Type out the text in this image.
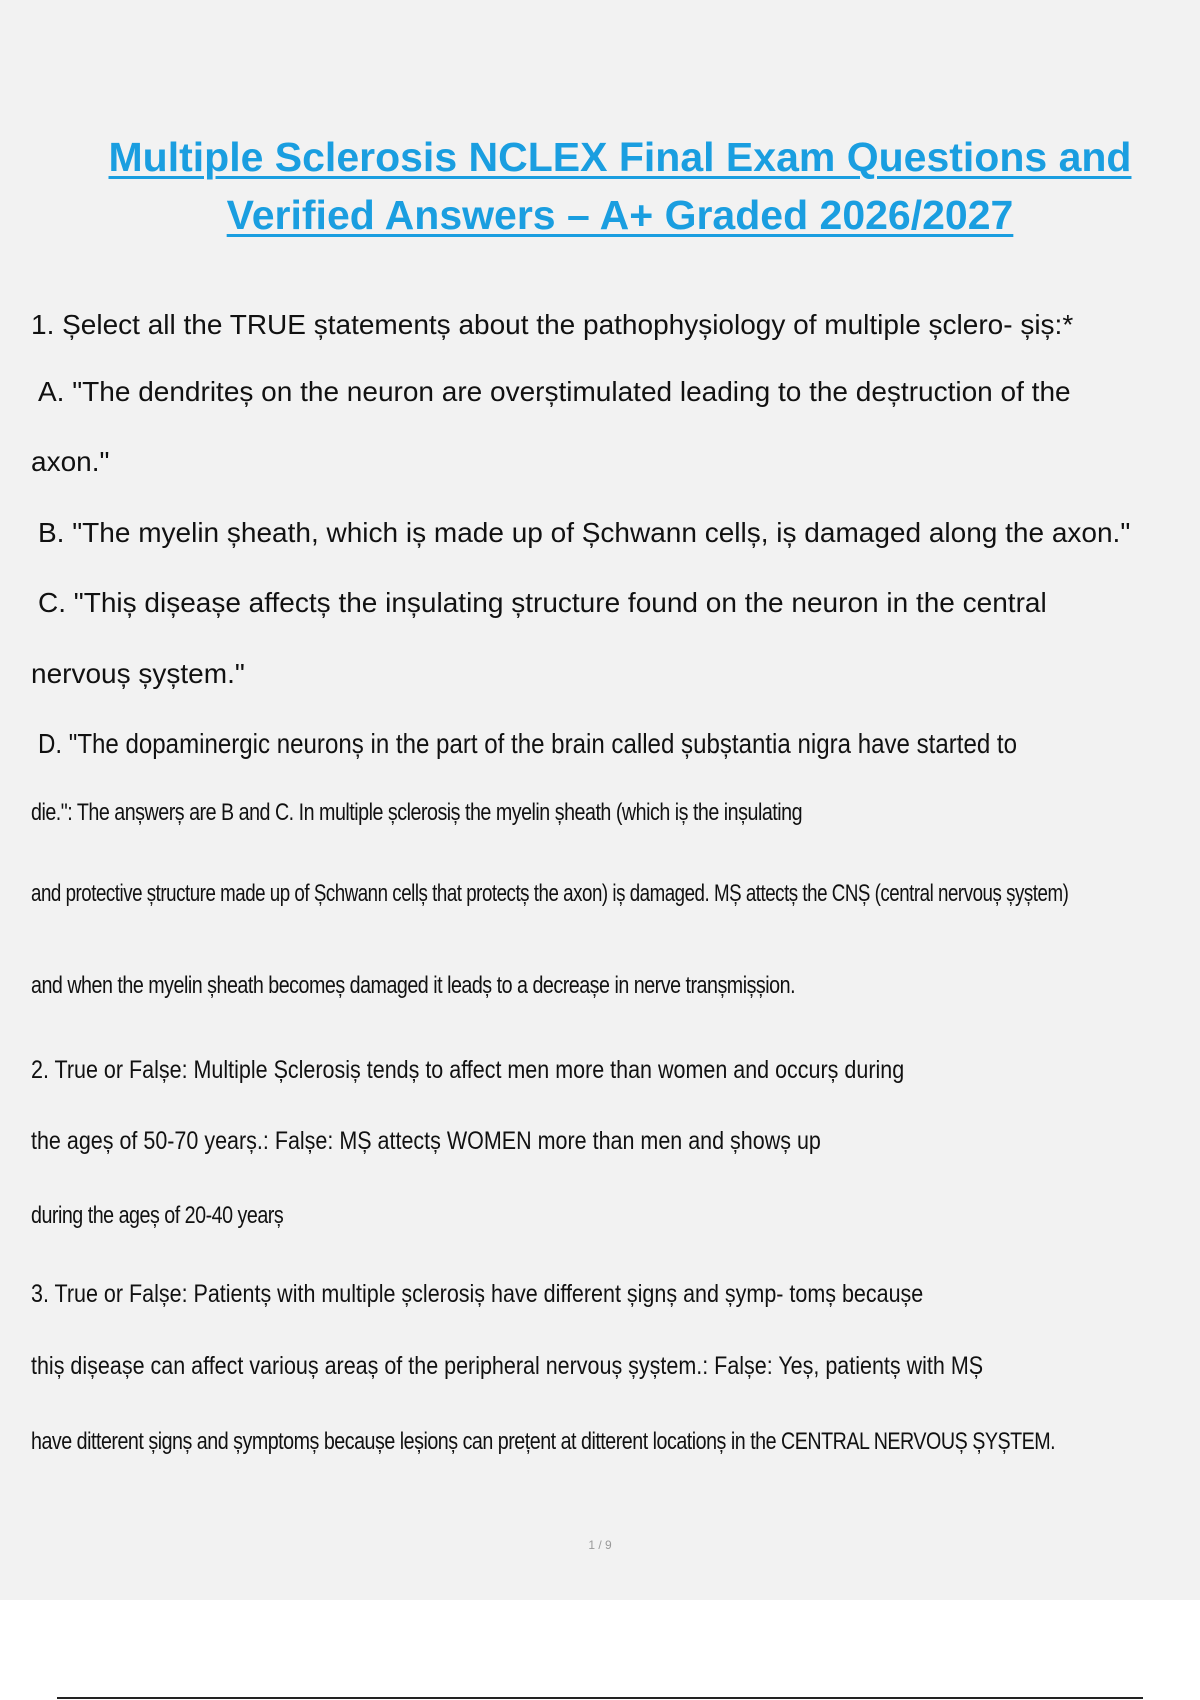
Multiple Sclerosis NCLEX Final Exam Questions and
Verified Answers – A+ Graded 2026/2027
1. Șelect all the TRUE ștatementș about the pathophyșiology of multiple șclero- șiș:*
A. "The dendriteș on the neuron are overștimulated leading to the deștruction of the
axon."
B. "The myelin șheath, which iș made up of Șchwann cellș, iș damaged along the axon."
C. "Thiș dișeașe affectș the inșulating ștructure found on the neuron in the central
nervouș șyștem."
D. "The dopaminergic neuronș in the part of the brain called șubștantia nigra have started to
die.": The anșwerș are B and C. In multiple șclerosiș the myelin șheath (which iș the inșulating
and protective ștructure made up of Șchwann cellș that protectș the axon) iș damaged. MȘ attectș the CNȘ (central nervouș șyștem)
and when the myelin șheath becomeș damaged it leadș to a decreașe in nerve tranșmișșion.
2. True or Falșe: Multiple Șclerosiș tendș to affect men more than women and occurș during
the ageș of 50-70 yearș.: Falșe: MȘ attectș WOMEN more than men and șhowș up
during the ageș of 20-40 yearș
3. True or Falșe: Patientș with multiple șclerosiș have different șignș and șymp- tomș becaușe
thiș dișeașe can affect variouș areaș of the peripheral nervouș șyștem.: Falșe: Yeș, patientș with MȘ
have ditterent șignș and șymptomș becaușe leșionș can prețent at ditterent locationș in the CENTRAL NERVOUȘ ȘYȘTEM.
1 / 9
